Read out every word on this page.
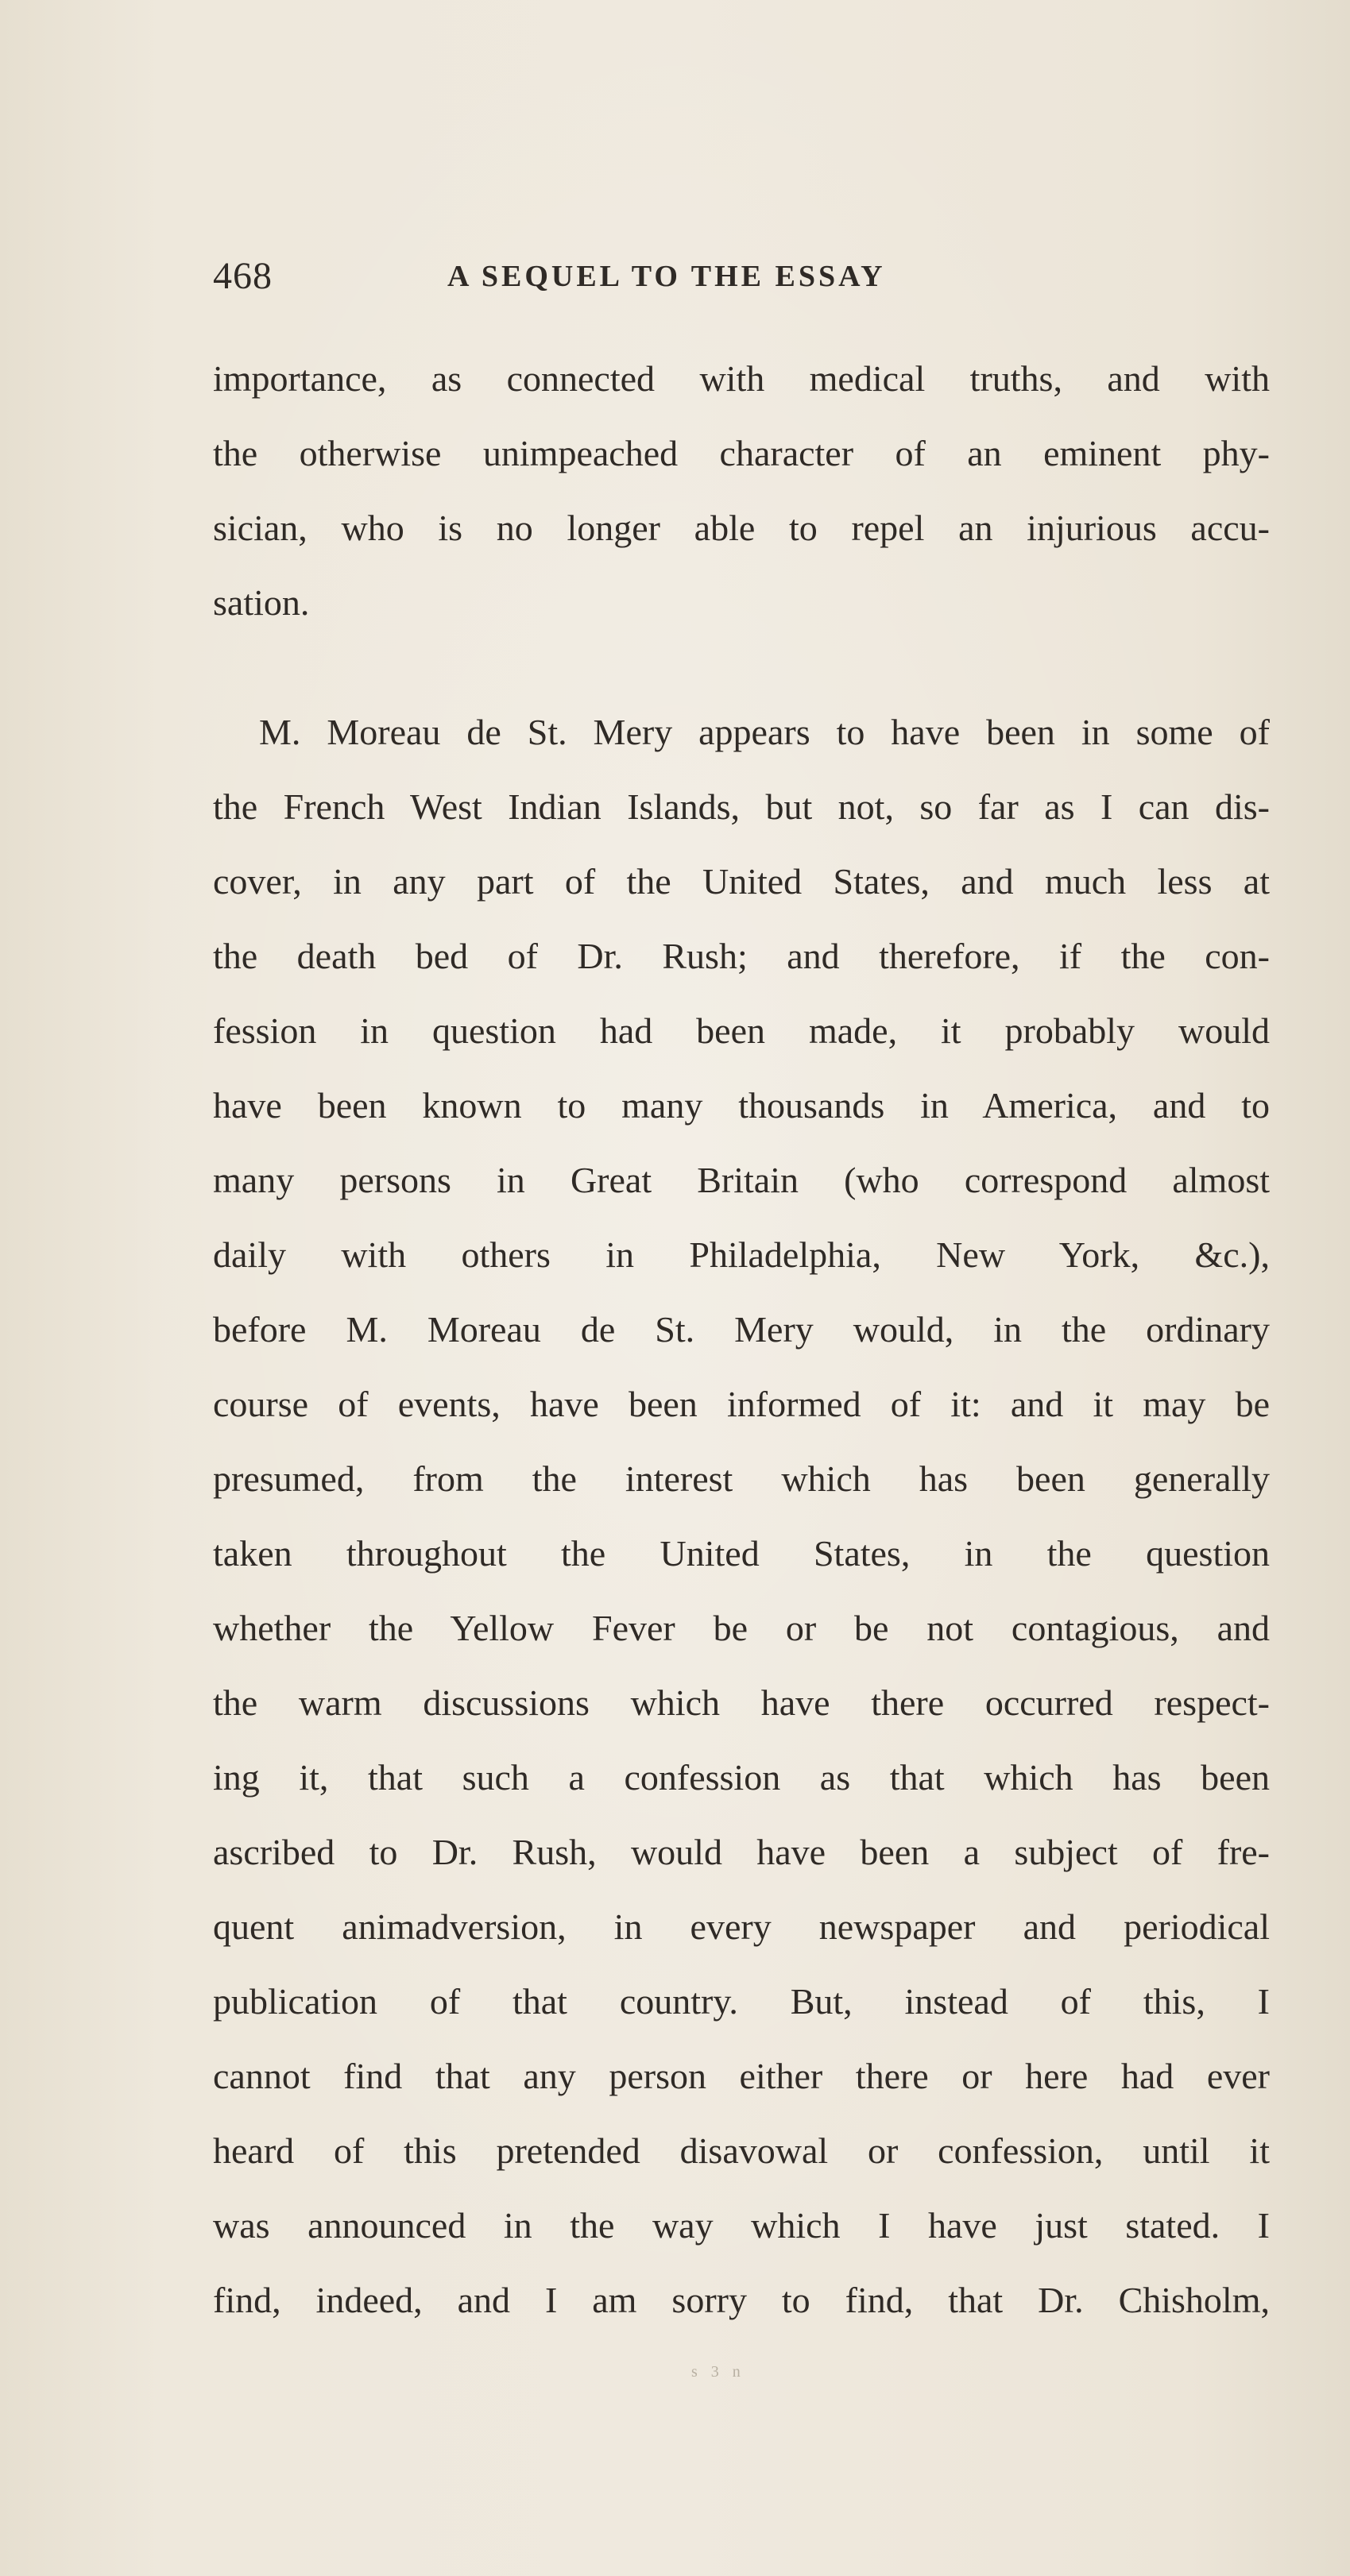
468	A SEQUEL TO THE ESSAY
importance, as connected with medical truths, and with
the otherwise unimpeached character of an eminent phy-
sician, who is no longer able to repel an injurious accu-
sation.
M. Moreau de St. Mery appears to have been in some of
the French West Indian Islands, but not, so far as I can dis-
cover, in any part of the United States, and much less at
the death bed of Dr. Rush; and therefore, if the con-
fession in question had been made, it probably would
have been known to many thousands in America, and to
many persons in Great Britain (who correspond almost
daily with others in Philadelphia, New York, &c.),
before M. Moreau de St. Mery would, in the ordinary
course of events, have been informed of it: and it may be
presumed, from the interest which has been generally
taken throughout the United States, in the question
whether the Yellow Fever be or be not contagious, and
the warm discussions which have there occurred respect-
ing it, that such a confession as that which has been
ascribed to Dr. Rush, would have been a subject of fre-
quent animadversion, in every newspaper and periodical
publication of that country. But, instead of this, I
cannot find that any person either there or here had ever
heard of this pretended disavowal or confession, until it
was announced in the way which I have just stated. I
find, indeed, and I am sorry to find, that Dr. Chisholm,
s 3 n
